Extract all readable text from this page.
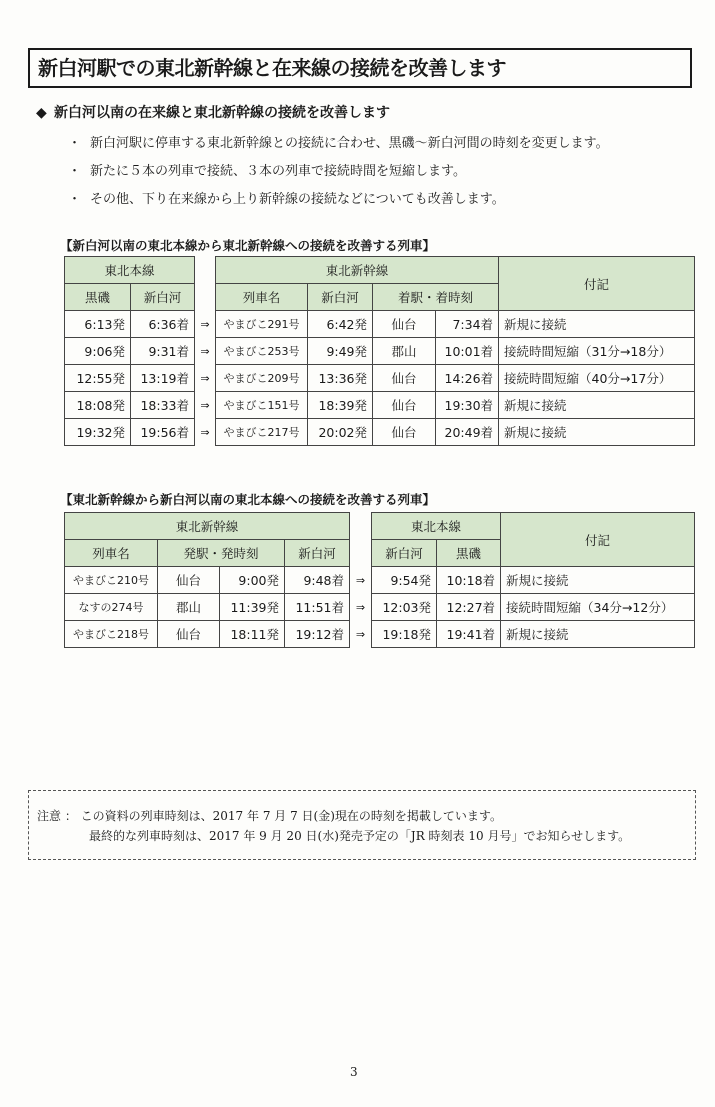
新白河駅での東北新幹線と在来線の接続を改善します
◆ 新白河以南の在来線と東北新幹線の接続を改善します
・ 新白河駅に停車する東北新幹線との接続に合わせ、黒磯～新白河間の時刻を変更します。
・ 新たに５本の列車で接続、３本の列車で接続時間を短縮します。
・ その他、下り在来線から上り新幹線の接続などについても改善します。
【新白河以南の東北本線から東北新幹線への接続を改善する列車】
東北本線			東北新幹線				付記
黒磯	新白河		列車名	新白河	着駅・着時刻		
6:13発	6:36着	⇒	やまびこ291号	6:42発	仙台	7:34着	新規に接続
9:06発	9:31着	⇒	やまびこ253号	9:49発	郡山	10:01着	接続時間短縮（31分→18分）
12:55発	13:19着	⇒	やまびこ209号	13:36発	仙台	14:26着	接続時間短縮（40分→17分）
18:08発	18:33着	⇒	やまびこ151号	18:39発	仙台	19:30着	新規に接続
19:32発	19:56着	⇒	やまびこ217号	20:02発	仙台	20:49着	新規に接続
【東北新幹線から新白河以南の東北本線への接続を改善する列車】
東北新幹線					東北本線		付記
列車名	発駅・発時刻		新白河		新白河	黒磯	
やまびこ210号	仙台	9:00発	9:48着	⇒	9:54発	10:18着	新規に接続
なすの274号	郡山	11:39発	11:51着	⇒	12:03発	12:27着	接続時間短縮（34分→12分）
やまびこ218号	仙台	18:11発	19:12着	⇒	19:18発	19:41着	新規に接続
注意 ： この資料の列車時刻は、2017 年 7 月 7 日(金)現在の時刻を掲載しています。
最終的な列車時刻は、2017 年 9 月 20 日(水)発売予定の「JR 時刻表 10 月号」でお知らせします。
3
